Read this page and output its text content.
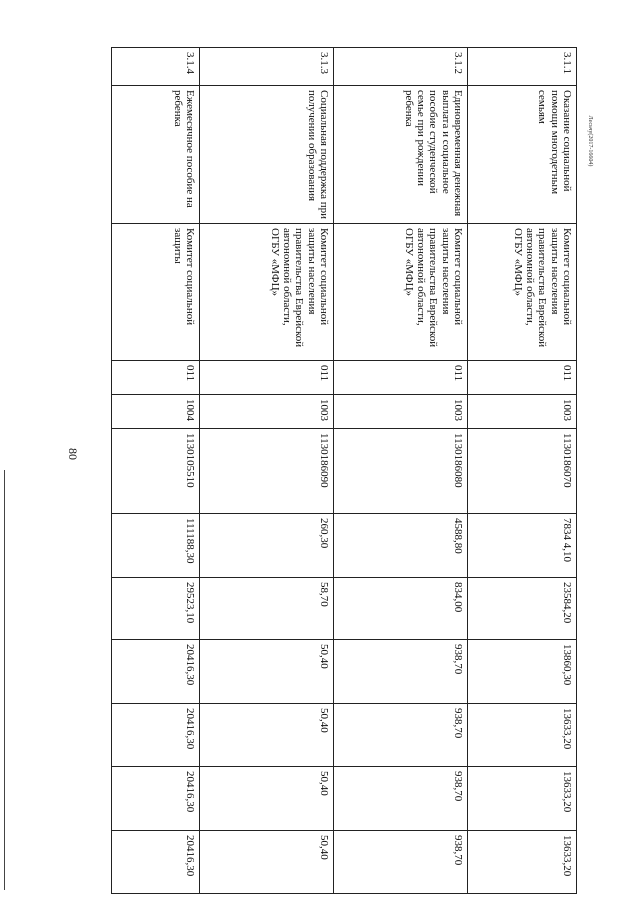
80
Лесьчу(2017-16604)
3.1.1	Оказание социальной помощи многодетным семьям	Комитет социальной защиты населения правительства Еврейской автономной области, ОГБУ «МФЦ»	011	1003	1130186070	7834 4,10	23584,20	13860,30	13633,20	13633,20	13633,20
3.1.2	Единовременная денежная выплата и социальное пособие студенческой семье при рождении ребенка	Комитет социальной защиты населения правительства Еврейской автономной области, ОГБУ «МФЦ»	011	1003	1130186080	4588,80	834,00	938,70	938,70	938,70	938,70
3.1.3	Социальная поддержка при получении образования	Комитет социальной защиты населения правительства Еврейской автономной области, ОГБУ «МФЦ»	011	1003	1130186090	260,30	58,70	50,40	50,40	50,40	50,40
3.1.4	Ежемесячное пособие на ребенка	Комитет социальной защиты	011	1004	1130105510	111188,30	29523,10	20416,30	20416,30	20416,30	20416,30
